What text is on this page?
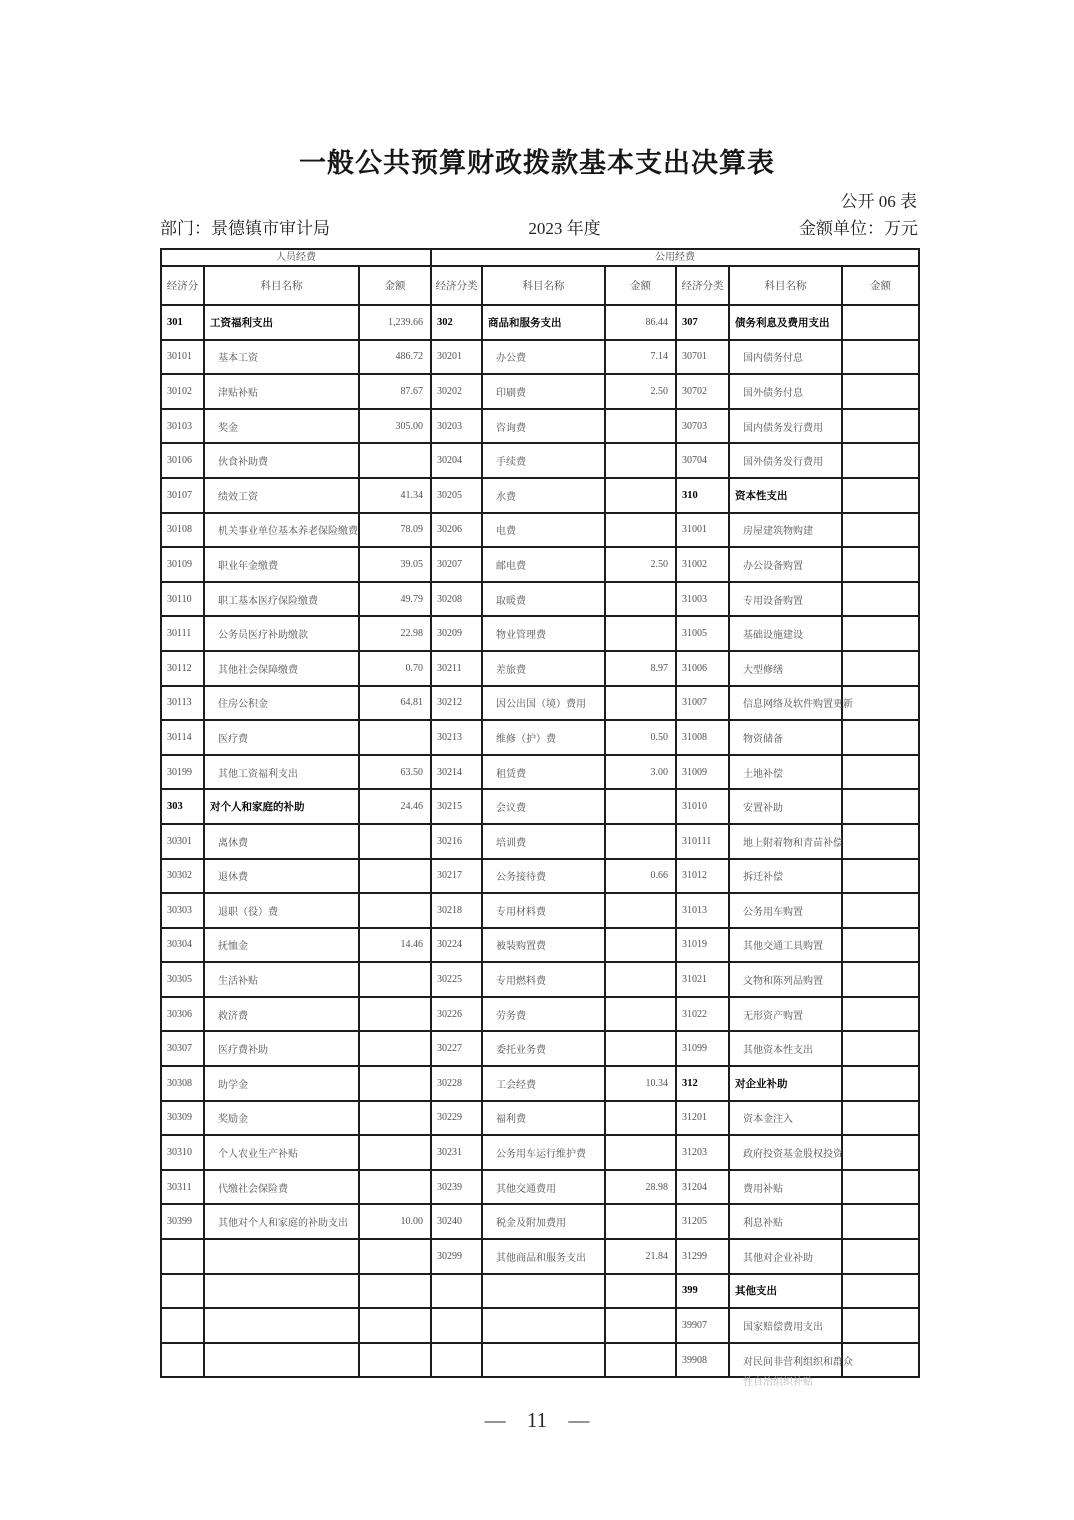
一般公共预算财政拨款基本支出决算表
公开 06 表
部门：景德镇市审计局	2023 年度	金额单位：万元
人员经费			公用经费					
经济分	科目名称	金额	经济分类	科目名称	金额	经济分类	科目名称	金额
301	工资福利支出	1,239.66	302	商品和服务支出	86.44	307	债务利息及费用支出	
30101	基本工资	486.72	30201	办公费	7.14	30701	国内债务付息	
30102	津贴补贴	87.67	30202	印刷费	2.50	30702	国外债务付息	
30103	奖金	305.00	30203	咨询费		30703	国内债务发行费用	
30106	伙食补助费		30204	手续费		30704	国外债务发行费用	
30107	绩效工资	41.34	30205	水费		310	资本性支出	
30108	机关事业单位基本养老保险缴费	78.09	30206	电费		31001	房屋建筑物购建	
30109	职业年金缴费	39.05	30207	邮电费	2.50	31002	办公设备购置	
30110	职工基本医疗保险缴费	49.79	30208	取暖费		31003	专用设备购置	
30111	公务员医疗补助缴款	22.98	30209	物业管理费		31005	基础设施建设	
30112	其他社会保障缴费	0.70	30211	差旅费	8.97	31006	大型修缮	
30113	住房公积金	64.81	30212	因公出国（境）费用		31007	信息网络及软件购置更新	
30114	医疗费		30213	维修（护）费	0.50	31008	物资储备	
30199	其他工资福利支出	63.50	30214	租赁费	3.00	31009	土地补偿	
303	对个人和家庭的补助	24.46	30215	会议费		31010	安置补助	
30301	离休费		30216	培训费		310111	地上附着物和青苗补偿	
30302	退休费		30217	公务接待费	0.66	31012	拆迁补偿	
30303	退职（役）费		30218	专用材料费		31013	公务用车购置	
30304	抚恤金	14.46	30224	被装购置费		31019	其他交通工具购置	
30305	生活补贴		30225	专用燃料费		31021	文物和陈列品购置	
30306	救济费		30226	劳务费		31022	无形资产购置	
30307	医疗费补助		30227	委托业务费		31099	其他资本性支出	
30308	助学金		30228	工会经费	10.34	312	对企业补助	
30309	奖励金		30229	福利费		31201	资本金注入	
30310	个人农业生产补贴		30231	公务用车运行维护费		31203	政府投资基金股权投资	
30311	代缴社会保险费		30239	其他交通费用	28.98	31204	费用补贴	
30399	其他对个人和家庭的补助支出	10.00	30240	税金及附加费用		31205	利息补贴	
			30299	其他商品和服务支出	21.84	31299	其他对企业补助	
						399	其他支出	
						39907	国家赔偿费用支出	
						39908	对民间非营利组织和群众
性自治组织补贴	

— 11 —
